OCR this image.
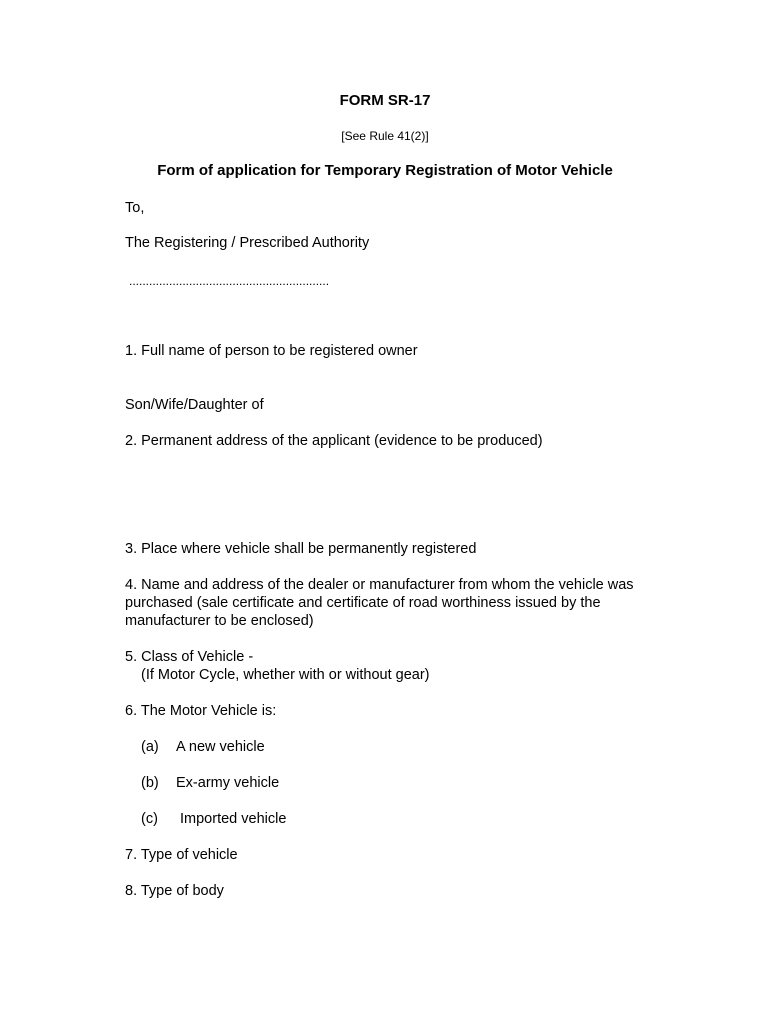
FORM SR-17
[See Rule 41(2)]
Form of application for Temporary Registration of Motor Vehicle
To,
The Registering / Prescribed Authority
............................................................
1. Full name of person to be registered owner
Son/Wife/Daughter of
2. Permanent address of the applicant (evidence to be produced)
3. Place where vehicle shall be permanently registered
4. Name and address of the dealer or manufacturer from whom the vehicle was
purchased (sale certificate and certificate of road worthiness issued by the
manufacturer to be enclosed)
5. Class of Vehicle -
(If Motor Cycle, whether with or without gear)
6. The Motor Vehicle is:
(a) A new vehicle
(b) Ex-army vehicle
(c) Imported vehicle
7. Type of vehicle
8. Type of body
